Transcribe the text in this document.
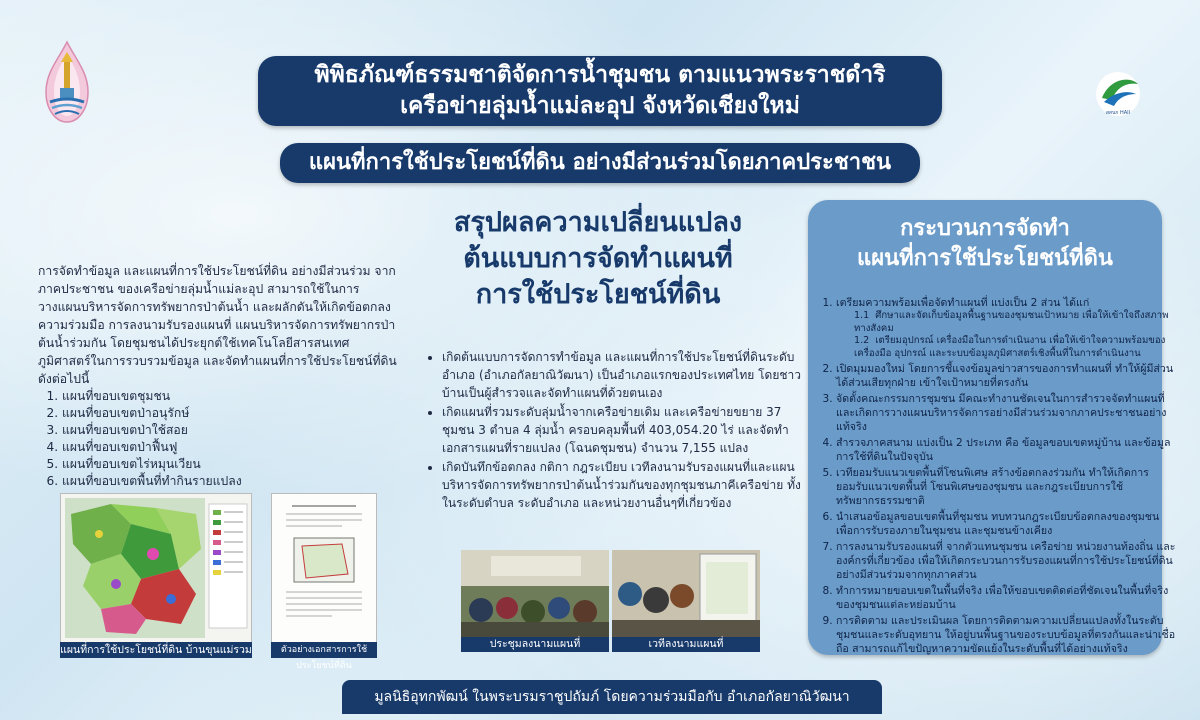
สสนก HAII
พิพิธภัณฑ์ธรรมชาติจัดการน้ำชุมชน ตามแนวพระราชดำริ
เครือข่ายลุ่มน้ำแม่ละอุป จังหวัดเชียงใหม่
แผนที่การใช้ประโยชน์ที่ดิน อย่างมีส่วนร่วมโดยภาคประชาชน

การจัดทำข้อมูล และแผนที่การใช้ประโยชน์ที่ดิน อย่างมีส่วนร่วม จากภาคประชาชน ของเครือข่ายลุ่มน้ำแม่ละอุป สามารถใช้ในการวางแผนบริหารจัดการทรัพยากรป่าต้นน้ำ และผลักดันให้เกิดข้อตกลงความร่วมมือ การลงนามรับรองแผนที่ แผนบริหารจัดการทรัพยากรป่าต้นน้ำร่วมกัน โดยชุมชนได้ประยุกต์ใช้เทคโนโลยีสารสนเทศภูมิศาสตร์ในการรวบรวมข้อมูล และจัดทำแผนที่การใช้ประโยชน์ที่ดิน ดังต่อไปนี้

1. แผนที่ขอบเขตชุมชน
2. แผนที่ขอบเขตป่าอนุรักษ์
3. แผนที่ขอบเขตป่าใช้สอย
4. แผนที่ขอบเขตป่าฟื้นฟู
5. แผนที่ขอบเขตไร่หมุนเวียน
6. แผนที่ขอบเขตพื้นที่ทำกินรายแปลง
แผนที่การใช้ประโยชน์ที่ดิน บ้านขุนแม่รวม	ตัวอย่างเอกสารการใช้ประโยชน์ที่ดิน
สรุปผลความเปลี่ยนแปลง
ต้นแบบการจัดทำแผนที่
การใช้ประโยชน์ที่ดิน
• เกิดต้นแบบการจัดการทำข้อมูล และแผนที่การใช้ประโยชน์ที่ดินระดับอำเภอ (อำเภอกัลยาณิวัฒนา) เป็นอำเภอแรกของประเทศไทย โดยชาวบ้านเป็นผู้สำรวจและจัดทำแผนที่ด้วยตนเอง
• เกิดแผนที่รวมระดับลุ่มน้ำจากเครือข่ายเดิม และเครือข่ายขยาย 37 ชุมชน 3 ตำบล 4 ลุ่มน้ำ ครอบคลุมพื้นที่ 403,054.20 ไร่ และจัดทำเอกสารแผนที่รายแปลง (โฉนดชุมชน) จำนวน 7,155 แปลง
• เกิดบันทึกข้อตกลง กติกา กฎระเบียบ เวทีลงนามรับรองแผนที่และแผนบริหารจัดการทรัพยากรป่าต้นน้ำร่วมกันของทุกชุมชนภาคีเครือข่าย ทั้งในระดับตำบล ระดับอำเภอ และหน่วยงานอื่นๆที่เกี่ยวข้อง
ประชุมลงนามแผนที่	เวทีลงนามแผนที่
กระบวนการจัดทำ
แผนที่การใช้ประโยชน์ที่ดิน
1. เตรียมความพร้อมเพื่อจัดทำแผนที่ แบ่งเป็น 2 ส่วน ได้แก่
1.1 ศึกษาและจัดเก็บข้อมูลพื้นฐานของชุมชนเป้าหมาย เพื่อให้เข้าใจถึงสภาพทางสังคม
1.2 เตรียมอุปกรณ์ เครื่องมือในการดำเนินงาน เพื่อให้เข้าใจความพร้อมของเครื่องมือ อุปกรณ์ และระบบข้อมูลภูมิศาสตร์เชิงพื้นที่ในการดำเนินงาน
2. เปิดมุมมองใหม่ โดยการชี้แจงข้อมูลข่าวสารของการทำแผนที่ ทำให้ผู้มีส่วนได้ส่วนเสียทุกฝ่าย เข้าใจเป้าหมายที่ตรงกัน
3. จัดตั้งคณะกรรมการชุมชน มีคณะทำงานชัดเจนในการสำรวจจัดทำแผนที่ และเกิดการวางแผนบริหารจัดการอย่างมีส่วนร่วมจากภาคประชาชนอย่างแท้จริง
4. สำรวจภาคสนาม แบ่งเป็น 2 ประเภท คือ ข้อมูลขอบเขตหมู่บ้าน และข้อมูลการใช้ที่ดินในปัจจุบัน
5. เวทียอมรับแนวเขตพื้นที่โซนพิเศษ สร้างข้อตกลงร่วมกัน ทำให้เกิดการยอมรับแนวเขตพื้นที่ โซนพิเศษของชุมชน และกฎระเบียบการใช้ทรัพยากรธรรมชาติ
6. นำเสนอข้อมูลขอบเขตพื้นที่ชุมชน ทบทวนกฎระเบียบข้อตกลงของชุมชนเพื่อการรับรองภายในชุมชน และชุมชนข้างเคียง
7. การลงนามรับรองแผนที่ จากตัวแทนชุมชน เครือข่าย หน่วยงานท้องถิ่น และองค์กรที่เกี่ยวข้อง เพื่อให้เกิดกระบวนการรับรองแผนที่การใช้ประโยชน์ที่ดินอย่างมีส่วนร่วมจากทุกภาคส่วน
8. ทำการหมายขอบเขตในพื้นที่จริง เพื่อให้ขอบเขตติดต่อที่ชัดเจนในพื้นที่จริงของชุมชนแต่ละหย่อมบ้าน
9. การติดตาม และประเมินผล โดยการติดตามความเปลี่ยนแปลงทั้งในระดับชุมชนและระดับอุทยาน ให้อยู่บนพื้นฐานของระบบข้อมูลที่ตรงกันและน่าเชื่อถือ สามารถแก้ไขปัญหาความขัดแย้งในระดับพื้นที่ได้อย่างแท้จริง
มูลนิธิอุทกพัฒน์ ในพระบรมราชูปถัมภ์ โดยความร่วมมือกับ อำเภอกัลยาณิวัฒนา
